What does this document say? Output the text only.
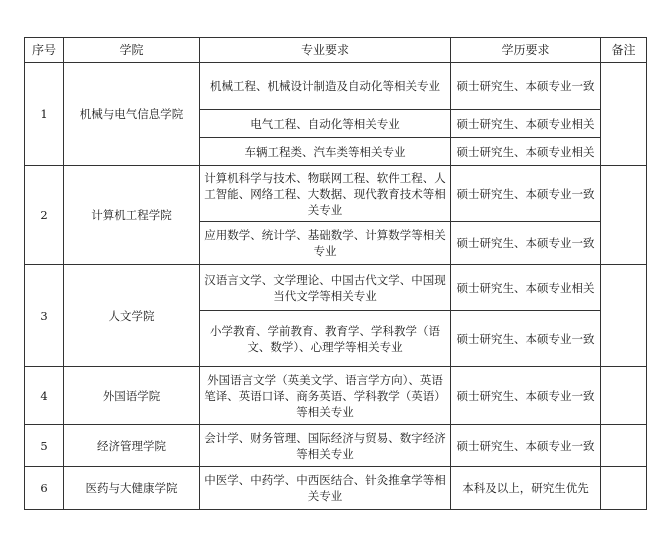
序号	学院	专业要求	学历要求	备注
1	机械与电气信息学院	机械工程、机械设计制造及自动化等相关专业	硕士研究生、本硕专业一致	
		电气工程、自动化等相关专业	硕士研究生、本硕专业相关	
		车辆工程类、汽车类等相关专业	硕士研究生、本硕专业相关	
2	计算机工程学院	计算机科学与技术、物联网工程、软件工程、人工智能、网络工程、大数据、现代教育技术等相关专业	硕士研究生、本硕专业一致	
		应用数学、统计学、基础数学、计算数学等相关专业	硕士研究生、本硕专业一致	
3	人文学院	汉语言文学、文学理论、中国古代文学、中国现当代文学等相关专业	硕士研究生、本硕专业相关	
		小学教育、学前教育、教育学、学科教学（语文、数学）、心理学等相关专业	硕士研究生、本硕专业一致	
4	外国语学院	外国语言文学（英美文学、语言学方向）、英语笔译、英语口译、商务英语、学科教学（英语）等相关专业	硕士研究生、本硕专业一致	
5	经济管理学院	会计学、财务管理、国际经济与贸易、数字经济等相关专业	硕士研究生、本硕专业一致	
6	医药与大健康学院	中医学、中药学、中西医结合、针灸推拿学等相关专业	本科及以上，研究生优先	
